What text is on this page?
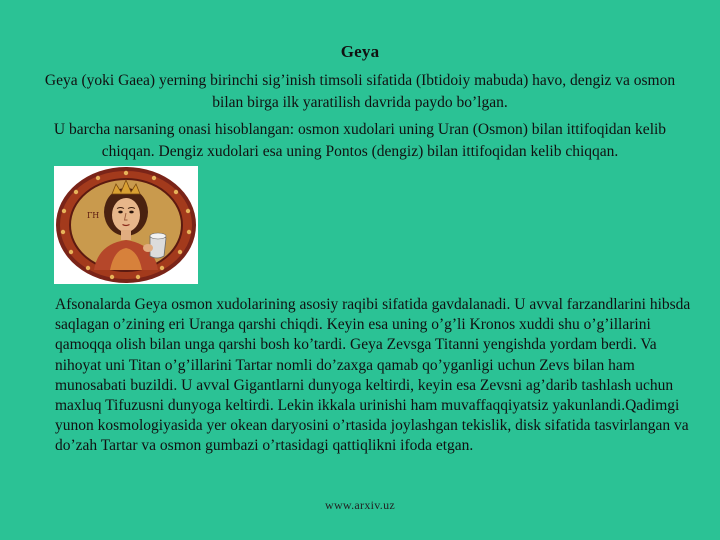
Geya
Geya (yokі Gaea) yerning birinchi sig’inish timsoli sifatida (Ibtidoiy mabuda) havo, dengiz va osmon bilan birga ilk yaratilish davrida paydo bo’lgan.
U barcha narsaning onasi hisoblangan: osmon xudolari uning Uran (Osmon) bilan ittifoqidan kelib chiqqan. Dengiz xudolari esa uning Pontos (dengiz) bilan ittifoqidan kelib chiqqan.
ГН
Afsonalarda Geya osmon xudolarining asosiy raqibi sifatida gavdalanadi. U avval farzandlarini hibsda saqlagan o’zining eri Uranga qarshi chiqdi. Keyin esa uning o’g’li Kronos xuddi shu o’g’illarini qamoqqa olish bilan unga qarshi bosh ko’tardi. Geya Zevsga Titanni yengishda yordam berdi. Va nihoyat uni Titan o’g’illarini Tartar nomli do’zaxga qamab qo’yganligi uchun Zevs bilan ham munosabati buzildi. U avval Gigantlarni dunyoga keltirdi, keyin esa Zevsni ag’darib tashlash uchun maxluq Tifuzusni dunyoga keltirdi. Lekin ikkala urinishi ham muvaffaqqiyatsiz yakunlandi.Qadimgi yunon kosmologiyasida yer okean daryosini o’rtasida joylashgan tekislik, disk sifatida tasvirlangan va do’zah Tartar va osmon gumbazi o’rtasidagi qattiqlikni ifoda etgan.
www.arxiv.uz
